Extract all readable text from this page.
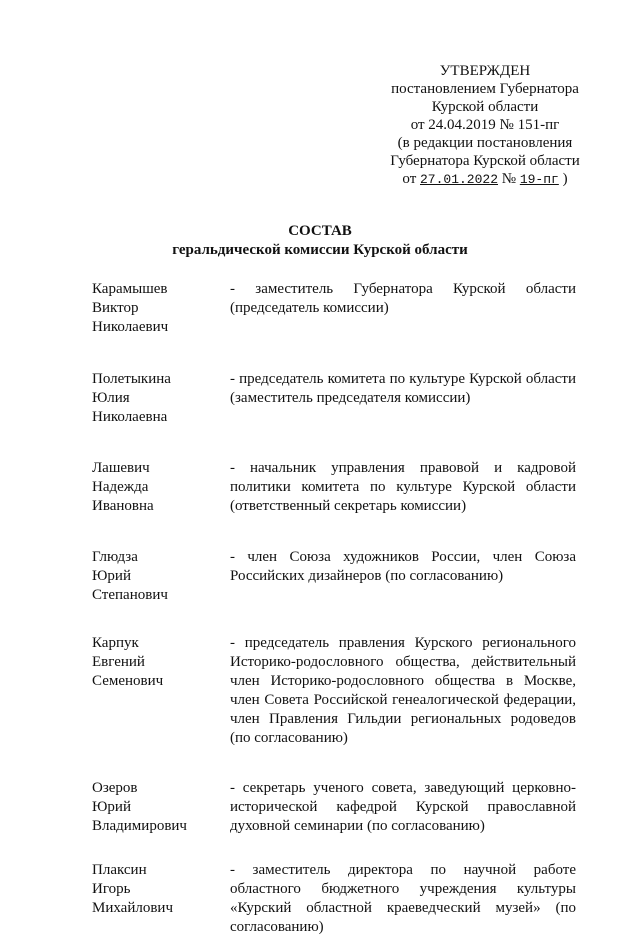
УТВЕРЖДЕН
постановлением Губернатора
Курской области
от 24.04.2019 № 151-пг
(в редакции постановления
Губернатора Курской области
от 27.01.2022 № 19-пг )
СОСТАВ
геральдической комиссии Курской области
Карамышев
Виктор
Николаевич
- заместитель Губернатора Курской области (председатель комиссии)
Полетыкина
Юлия
Николаевна
- председатель комитета по культуре Курской области (заместитель председателя комиссии)
Лашевич
Надежда
Ивановна
- начальник управления правовой и кадровой политики комитета по культуре Курской области (ответственный секретарь комиссии)
Глюдза
Юрий
Степанович
- член Союза художников России, член Союза Российских дизайнеров (по согласованию)
Карпук
Евгений
Семенович
- председатель правления Курского регионального Историко-родословного общества, действительный член Историко-родословного общества в Москве, член Совета Российской генеалогической федерации, член Правления Гильдии региональных родоведов (по согласованию)
Озеров
Юрий
Владимирович
- секретарь ученого совета, заведующий церковно-исторической кафедрой Курской православной духовной семинарии (по согласованию)
Плаксин
Игорь
Михайлович
- заместитель директора по научной работе областного бюджетного учреждения культуры «Курский областной краеведческий музей» (по согласованию)
